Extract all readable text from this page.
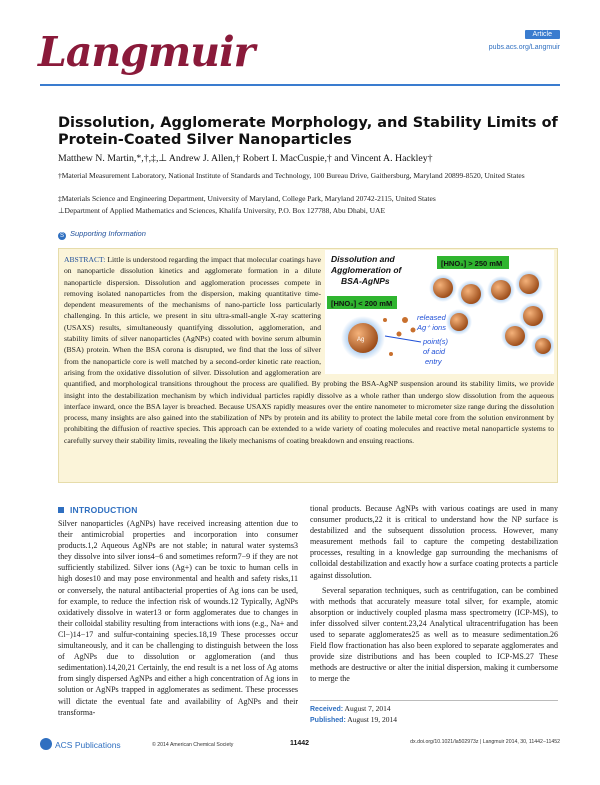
Langmuir	Article
pubs.acs.org/Langmuir
Dissolution, Agglomerate Morphology, and Stability Limits of Protein-Coated Silver Nanoparticles
Matthew N. Martin,*,†,‡,⊥ Andrew J. Allen,† Robert I. MacCuspie,† and Vincent A. Hackley†
†Material Measurement Laboratory, National Institute of Standards and Technology, 100 Bureau Drive, Gaithersburg, Maryland 20899-8520, United States
‡Materials Science and Engineering Department, University of Maryland, College Park, Maryland 20742-2115, United States
⊥Department of Applied Mathematics and Sciences, Khalifa University, P.O. Box 127788, Abu Dhabi, UAE
S Supporting Information
ABSTRACT: Little is understood regarding the impact that molecular coatings have on nanoparticle dissolution kinetics and agglomerate formation in a dilute nanoparticle dispersion. Dissolution and agglomeration processes compete in removing isolated nanoparticles from the dispersion, making quantitative time-dependent measurements of the mechanisms of nano-particle loss particularly challenging. In this article, we present in situ ultra-small-angle X-ray scattering (USAXS) results, simultaneously quantifying dissolution, agglomeration, and stability limits of silver nanoparticles (AgNPs) coated with bovine serum albumin (BSA) protein. When the BSA corona is disrupted, we find that the loss of silver from the nanoparticle core is well matched by a second-order kinetic rate reaction, arising from the oxidative dissolution of silver. Dissolution and agglomeration are quantified, and morphological transitions throughout the process are qualified. By probing the BSA-AgNP suspension around its stability limits, we provide insight into the destabilization mechanism by which individual particles rapidly dissolve as a whole rather than undergo slow dissolution from the aqueous interface inward, once the BSA layer is breached. Because USAXS rapidly measures over the entire nanometer to micrometer size range during the dissolution process, many insights are also gained into the stabilization of NPs by protein and its ability to protect the labile metal core from the solution environment by prohibiting the diffusion of reactive species. This approach can be extended to a wide variety of coating molecules and reactive metal nanoparticle systems to carefully survey their stability limits, revealing the likely mechanisms of coating breakdown and ensuing reactions.
Dissolution and
Agglomeration of
BSA-AgNPs
[HNO₃] > 250 mM
[HNO₃] < 200 mM
Ag
released
Ag⁺ ions
point(s)
of acid
entry
INTRODUCTION

Silver nanoparticles (AgNPs) have received increasing attention due to their antimicrobial properties and incorporation into consumer products.1,2 Aqueous AgNPs are not stable; in natural water systems3 they dissolve into silver ions4−6 and sometimes reform7−9 if they are not sufficiently stabilized. Silver ions (Ag+) can be toxic to human cells in high doses10 and may pose environmental and health and safety risks,11 or conversely, the natural antibacterial properties of Ag ions can be used, for example, to reduce the infection risk of wounds.12 Typically, AgNPs oxidatively dissolve in water13 or form agglomerates due to changes in their colloidal stability resulting from interactions with ions (e.g., Na+ and Cl−)14−17 and sulfur-containing species.18,19 These processes occur simultaneously, and it can be challenging to distinguish between the loss of AgNPs due to dissolution or agglomeration (and thus sedimentation).14,20,21 Certainly, the end result is a net loss of Ag atoms from singly dispersed AgNPs and either a high concentration of Ag ions in solution or AgNPs trapped in agglomerates as sediment. These processes will dictate the eventual fate and availability of AgNPs and their transforma-

tional products. Because AgNPs with various coatings are used in many consumer products,22 it is critical to understand how the NP surface is destabilized and the subsequent dissolution process. However, many measurement methods fail to capture the competing destabilization processes, resulting in a knowledge gap surrounding the mechanisms of colloidal destabilization and exactly how a surface coating protects a particle against dissolution.

Several separation techniques, such as centrifugation, can be combined with methods that accurately measure total silver, for example, atomic absorption or inductively coupled plasma mass spectrometry (ICP-MS), to infer dissolved silver content.23,24 Analytical ultracentrifugation has been used to separate agglomerates25 as well as to measure sedimentation.26 Field flow fractionation has also been explored to separate agglomerates and provide size distributions and has been coupled to ICP-MS.27 These methods are destructive or alter the initial dispersion, making it cumbersome to merge the

Received: August 7, 2014
Published: August 19, 2014
ACS Publications	© 2014 American Chemical Society	11442	dx.doi.org/10.1021/la502973z | Langmuir 2014, 30, 11442−11452
